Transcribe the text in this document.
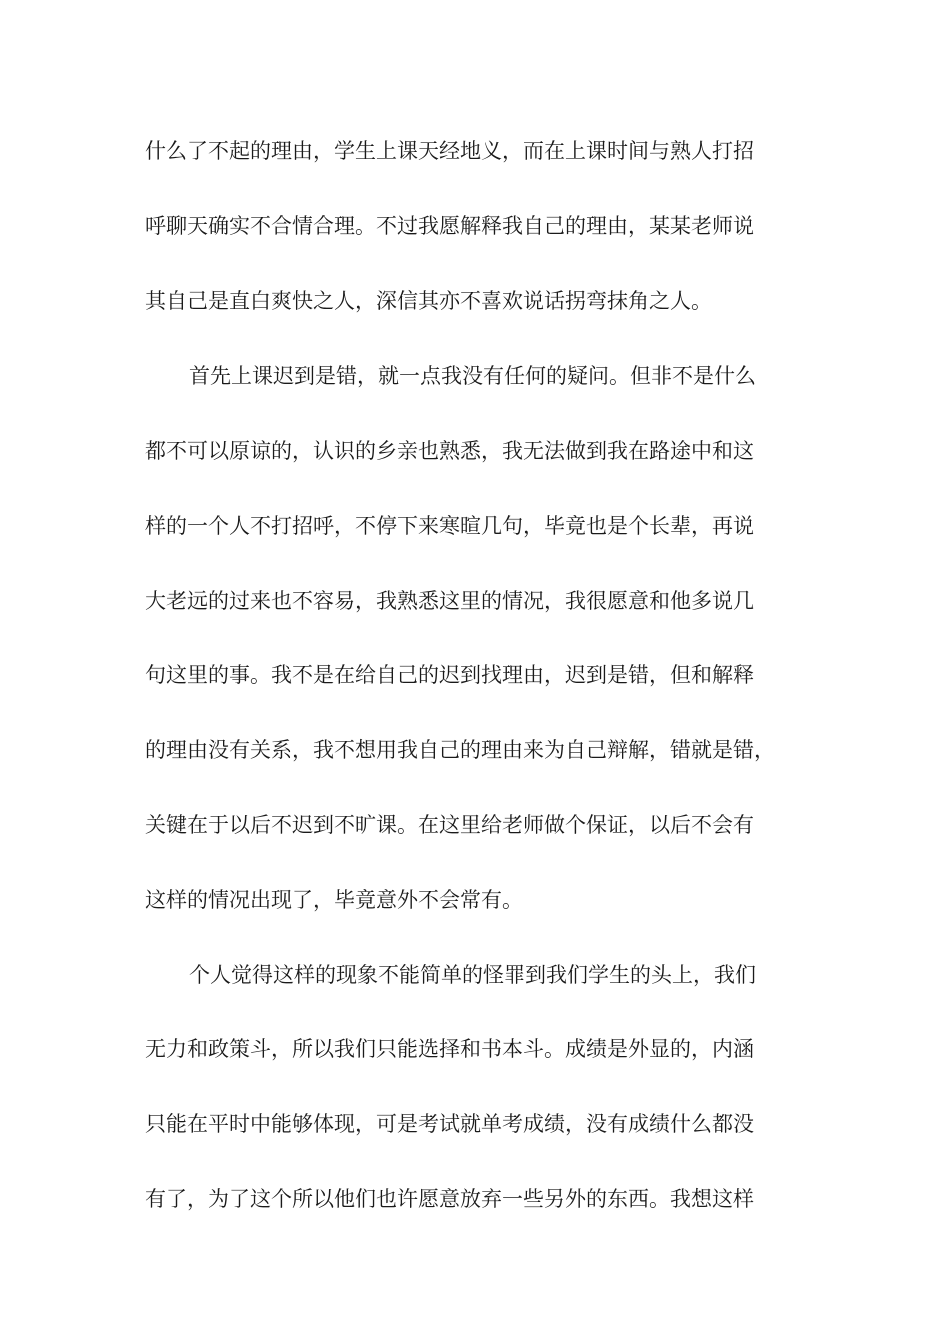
什么了不起的理由，学生上课天经地义，而在上课时间与熟人打招

呼聊天确实不合情合理。不过我愿解释我自己的理由，某某老师说

其自己是直白爽快之人，深信其亦不喜欢说话拐弯抹角之人。

首先上课迟到是错，就一点我没有任何的疑问。但非不是什么

都不可以原谅的，认识的乡亲也熟悉，我无法做到我在路途中和这

样的一个人不打招呼，不停下来寒暄几句，毕竟也是个长辈，再说

大老远的过来也不容易，我熟悉这里的情况，我很愿意和他多说几

句这里的事。我不是在给自己的迟到找理由，迟到是错，但和解释

的理由没有关系，我不想用我自己的理由来为自己辩解，错就是错，

关键在于以后不迟到不旷课。在这里给老师做个保证，以后不会有

这样的情况出现了，毕竟意外不会常有。

个人觉得这样的现象不能简单的怪罪到我们学生的头上，我们

无力和政策斗，所以我们只能选择和书本斗。成绩是外显的，内涵

只能在平时中能够体现，可是考试就单考成绩，没有成绩什么都没

有了，为了这个所以他们也许愿意放弃一些另外的东西。我想这样
